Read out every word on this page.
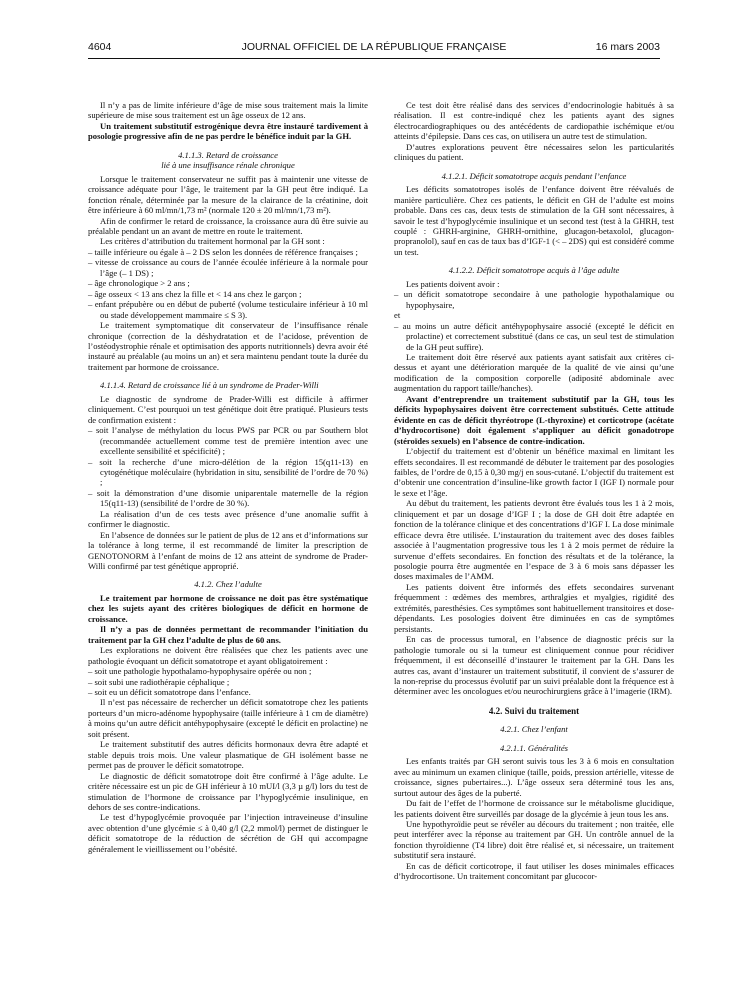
4604	JOURNAL OFFICIEL DE LA RÉPUBLIQUE FRANÇAISE	16 mars 2003

Il n’y a pas de limite inférieure d’âge de mise sous traitement mais la limite supérieure de mise sous traitement est un âge osseux de 12 ans.

Un traitement substitutif estrogénique devra être instauré tardivement à posologie progressive afin de ne pas perdre le bénéfice induit par la GH.

4.1.1.3. Retard de croissance
lié à une insuffisance rénale chronique

Lorsque le traitement conservateur ne suffit pas à maintenir une vitesse de croissance adéquate pour l’âge, le traitement par la GH peut être indiqué. La fonction rénale, déterminée par la mesure de la clairance de la créatinine, doit être inférieure à 60 ml/mn/1,73 m² (normale 120 ± 20 ml/mn/1,73 m²).

Afin de confirmer le retard de croissance, la croissance aura dû être suivie au préalable pendant un an avant de mettre en route le traitement.

Les critères d’attribution du traitement hormonal par la GH sont :

– taille inférieure ou égale à – 2 DS selon les données de référence françaises ;
– vitesse de croissance au cours de l’année écoulée inférieure à la normale pour l’âge (– 1 DS) ;
– âge chronologique > 2 ans ;
– âge osseux < 13 ans chez la fille et < 14 ans chez le garçon ;
– enfant prépubère ou en début de puberté (volume testiculaire inférieur à 10 ml ou stade développement mammaire ≤ S 3).

Le traitement symptomatique dit conservateur de l’insuffisance rénale chronique (correction de la déshydratation et de l’acidose, prévention de l’ostéodystrophie rénale et optimisation des apports nutritionnels) devra avoir été instauré au préalable (au moins un an) et sera maintenu pendant toute la durée du traitement par hormone de croissance.

4.1.1.4. Retard de croissance lié à un syndrome de Prader-Willi

Le diagnostic de syndrome de Prader-Willi est difficile à affirmer cliniquement. C’est pourquoi un test génétique doit être pratiqué. Plusieurs tests de confirmation existent :

– soit l’analyse de méthylation du locus PWS par PCR ou par Southern blot (recommandée actuellement comme test de première intention avec une excellente sensibilité et spécificité) ;
– soit la recherche d’une micro-délétion de la région 15(q11-13) en cytogénétique moléculaire (hybridation in situ, sensibilité de l’ordre de 70 %) ;
– soit la démonstration d’une disomie uniparentale maternelle de la région 15(q11-13) (sensibilité de l’ordre de 30 %).

La réalisation d’un de ces tests avec présence d’une anomalie suffit à confirmer le diagnostic.

En l’absence de données sur le patient de plus de 12 ans et d’informations sur la tolérance à long terme, il est recommandé de limiter la prescription de GENOTONORM à l’enfant de moins de 12 ans atteint de syndrome de Prader-Willi confirmé par test génétique approprié.

4.1.2. Chez l’adulte

Le traitement par hormone de croissance ne doit pas être systématique chez les sujets ayant des critères biologiques de déficit en hormone de croissance.

Il n’y a pas de données permettant de recommander l’initiation du traitement par la GH chez l’adulte de plus de 60 ans.

Les explorations ne doivent être réalisées que chez les patients avec une pathologie évoquant un déficit somatotrope et ayant obligatoirement :

– soit une pathologie hypothalamo-hypophysaire opérée ou non ;
– soit subi une radiothérapie céphalique ;
– soit eu un déficit somatotrope dans l’enfance.

Il n’est pas nécessaire de rechercher un déficit somatotrope chez les patients porteurs d’un micro-adénome hypophysaire (taille inférieure à 1 cm de diamètre) à moins qu’un autre déficit antéhypophysaire (excepté le déficit en prolactine) ne soit présent.

Le traitement substitutif des autres déficits hormonaux devra être adapté et stable depuis trois mois. Une valeur plasmatique de GH isolément basse ne permet pas de prouver le déficit somatotrope.

Le diagnostic de déficit somatotrope doit être confirmé à l’âge adulte. Le critère nécessaire est un pic de GH inférieur à 10 mUI/l (3,3 µ g/l) lors du test de stimulation de l’hormone de croissance par l’hypoglycémie insulinique, en dehors de ses contre-indications.

Le test d’hypoglycémie provoquée par l’injection intraveineuse d’insuline avec obtention d’une glycémie ≤ à 0,40 g/l (2,2 mmol/l) permet de distinguer le déficit somatotrope de la réduction de sécrétion de GH qui accompagne généralement le vieillissement ou l’obésité.

Ce test doit être réalisé dans des services d’endocrinologie habitués à sa réalisation. Il est contre-indiqué chez les patients ayant des signes électrocardiographiques ou des antécédents de cardiopathie ischémique et/ou atteints d’épilepsie. Dans ces cas, on utilisera un autre test de stimulation.

D’autres explorations peuvent être nécessaires selon les particularités cliniques du patient.

4.1.2.1. Déficit somatotrope acquis pendant l’enfance

Les déficits somatotropes isolés de l’enfance doivent être réévalués de manière particulière. Chez ces patients, le déficit en GH de l’adulte est moins probable. Dans ces cas, deux tests de stimulation de la GH sont nécessaires, à savoir le test d’hypoglycémie insulinique et un second test (test à la GHRH, test couplé : GHRH-arginine, GHRH-ornithine, glucagon-betaxolol, glucagon-propranolol), sauf en cas de taux bas d’IGF-1 (< – 2DS) qui est considéré comme un test.

4.1.2.2. Déficit somatotrope acquis à l’âge adulte

Les patients doivent avoir :

– un déficit somatotrope secondaire à une pathologie hypothalamique ou hypophysaire,
et
– au moins un autre déficit antéhypophysaire associé (excepté le déficit en prolactine) et correctement substitué (dans ce cas, un seul test de stimulation de la GH peut suffire).

Le traitement doit être réservé aux patients ayant satisfait aux critères ci-dessus et ayant une détérioration marquée de la qualité de vie ainsi qu’une modification de la composition corporelle (adiposité abdominale avec augmentation du rapport taille/hanches).

Avant d’entreprendre un traitement substitutif par la GH, tous les déficits hypophysaires doivent être correctement substitués. Cette attitude évidente en cas de déficit thyréotrope (L-thyroxine) et corticotrope (acétate d’hydrocortisone) doit également s’appliquer au déficit gonadotrope (stéroïdes sexuels) en l’absence de contre-indication.

L’objectif du traitement est d’obtenir un bénéfice maximal en limitant les effets secondaires. Il est recommandé de débuter le traitement par des posologies faibles, de l’ordre de 0,15 à 0,30 mg/j en sous-cutané. L’objectif du traitement est d’obtenir une concentration d’insuline-like growth factor I (IGF I) normale pour le sexe et l’âge.

Au début du traitement, les patients devront être évalués tous les 1 à 2 mois, cliniquement et par un dosage d’IGF I ; la dose de GH doit être adaptée en fonction de la tolérance clinique et des concentrations d’IGF I. La dose minimale efficace devra être utilisée. L’instauration du traitement avec des doses faibles associée à l’augmentation progressive tous les 1 à 2 mois permet de réduire la survenue d’effets secondaires. En fonction des résultats et de la tolérance, la posologie pourra être augmentée en l’espace de 3 à 6 mois sans dépasser les doses maximales de l’AMM.

Les patients doivent être informés des effets secondaires survenant fréquemment : œdèmes des membres, arthralgies et myalgies, rigidité des extrémités, paresthésies. Ces symptômes sont habituellement transitoires et dose-dépendants. Les posologies doivent être diminuées en cas de symptômes persistants.

En cas de processus tumoral, en l’absence de diagnostic précis sur la pathologie tumorale ou si la tumeur est cliniquement connue pour récidiver fréquemment, il est déconseillé d’instaurer le traitement par la GH. Dans les autres cas, avant d’instaurer un traitement substitutif, il convient de s’assurer de la non-reprise du processus évolutif par un suivi préalable dont la fréquence est à déterminer avec les oncologues et/ou neurochirurgiens grâce à l’imagerie (IRM).

4.2. Suivi du traitement
4.2.1. Chez l’enfant
4.2.1.1. Généralités

Les enfants traités par GH seront suivis tous les 3 à 6 mois en consultation avec au minimum un examen clinique (taille, poids, pression artérielle, vitesse de croissance, signes pubertaires...). L’âge osseux sera déterminé tous les ans, surtout autour des âges de la puberté.

Du fait de l’effet de l’hormone de croissance sur le métabolisme glucidique, les patients doivent être surveillés par dosage de la glycémie à jeun tous les ans.

Une hypothyroïdie peut se révéler au décours du traitement ; non traitée, elle peut interférer avec la réponse au traitement par GH. Un contrôle annuel de la fonction thyroïdienne (T4 libre) doit être réalisé et, si nécessaire, un traitement substitutif sera instauré.

En cas de déficit corticotrope, il faut utiliser les doses minimales efficaces d’hydrocortisone. Un traitement concomitant par glucocor-
